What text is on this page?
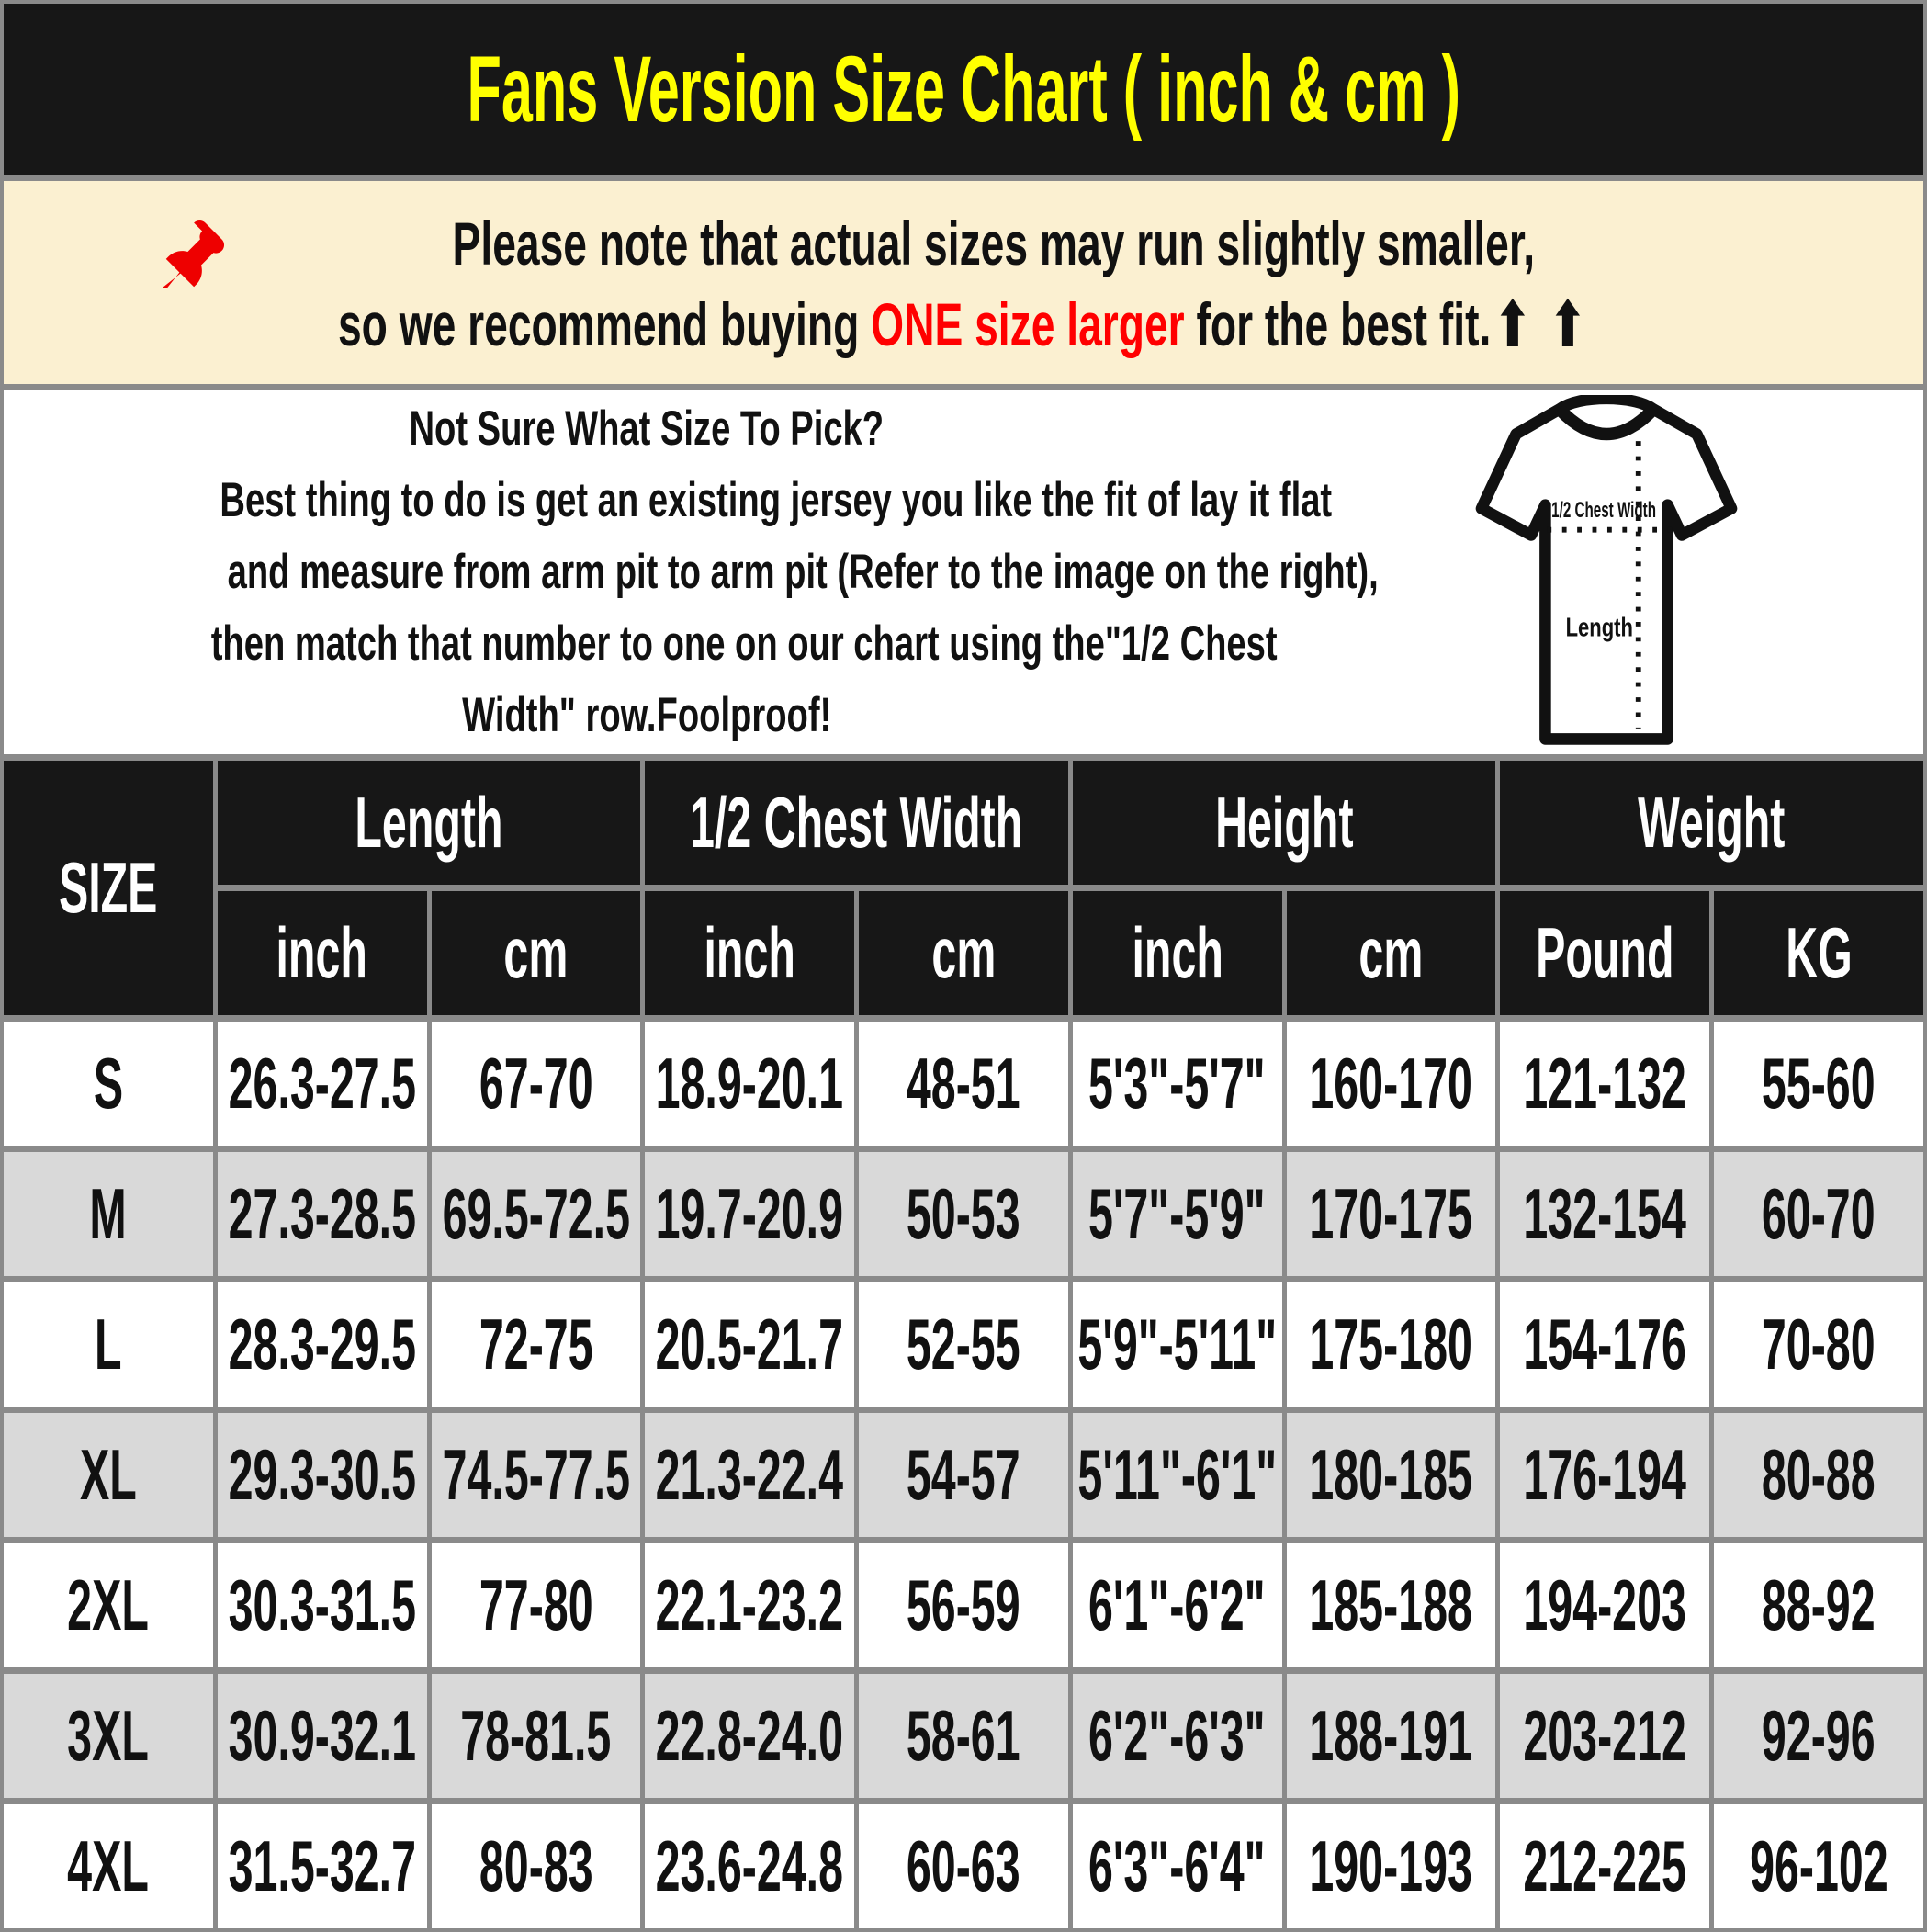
Fans Version Size Chart ( inch & cm )
Please note that actual sizes may run slightly smaller,
so we recommend buying ONE size larger for the best fit.⬆ ⬆
Not Sure What Size To Pick?
Best thing to do is get an existing jersey you like the fit of lay it flat
and measure from arm pit to arm pit (Refer to the image on the right),
then match that number to one on our chart using the"1/2 Chest
Width" row.Foolproof!
1/2 Chest Width
Length
SIZE
Length	1/2 Chest Width	Height	Weight
inch cm inch cm inch cm Pound KG
S 26.3-27.5 67-70 18.9-20.1 48-51 5'3"-5'7" 160-170 121-132 55-60
M 27.3-28.5 69.5-72.5 19.7-20.9 50-53 5'7"-5'9" 170-175 132-154 60-70
L 28.3-29.5 72-75 20.5-21.7 52-55 5'9"-5'11" 175-180 154-176 70-80
XL 29.3-30.5 74.5-77.5 21.3-22.4 54-57 5'11"-6'1" 180-185 176-194 80-88
2XL 30.3-31.5 77-80 22.1-23.2 56-59 6'1"-6'2" 185-188 194-203 88-92
3XL 30.9-32.1 78-81.5 22.8-24.0 58-61 6'2"-6'3" 188-191 203-212 92-96
4XL 31.5-32.7 80-83 23.6-24.8 60-63 6'3"-6'4" 190-193 212-225 96-102
